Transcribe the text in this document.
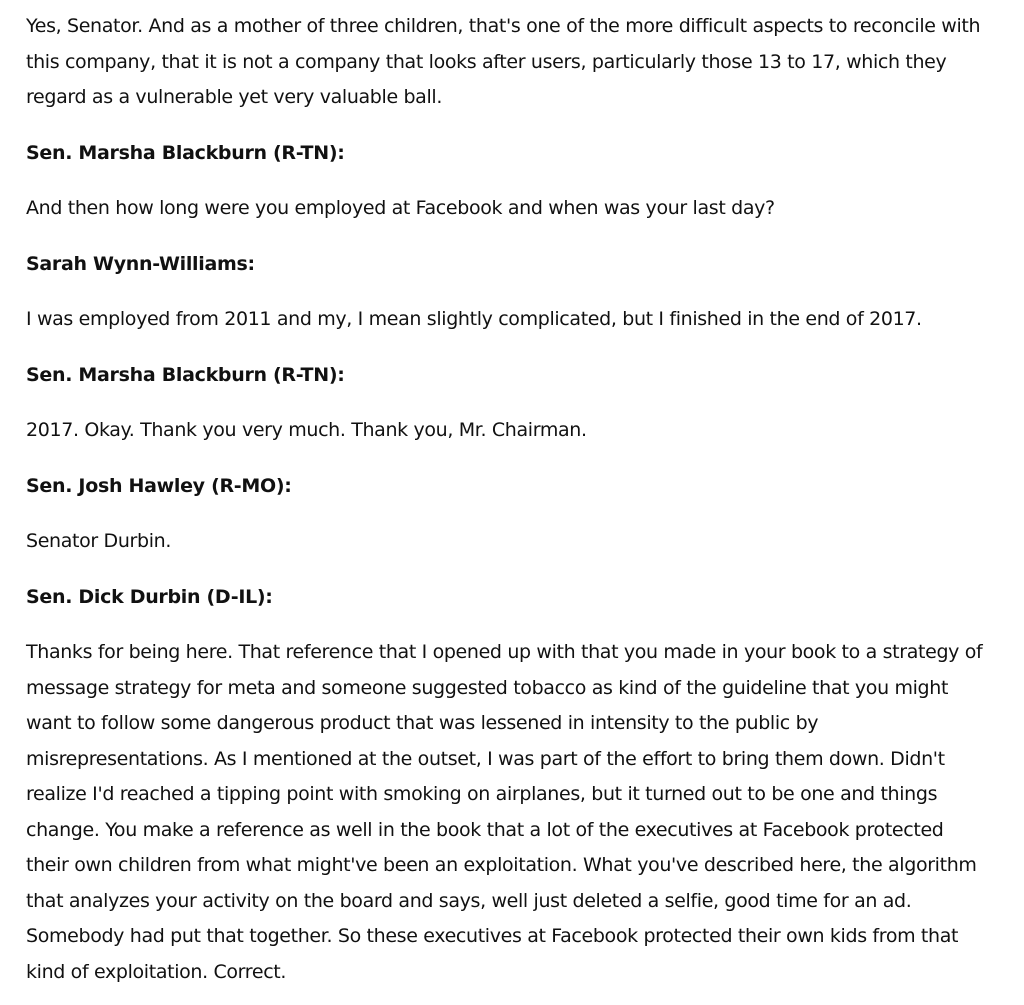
Yes, Senator. And as a mother of three children, that's one of the more difficult aspects to reconcile with this company, that it is not a company that looks after users, particularly those 13 to 17, which they regard as a vulnerable yet very valuable ball.

Sen. Marsha Blackburn (R-TN):

And then how long were you employed at Facebook and when was your last day?

Sarah Wynn-Williams:

I was employed from 2011 and my, I mean slightly complicated, but I finished in the end of 2017.

Sen. Marsha Blackburn (R-TN):

2017. Okay. Thank you very much. Thank you, Mr. Chairman.

Sen. Josh Hawley (R-MO):

Senator Durbin.

Sen. Dick Durbin (D-IL):

Thanks for being here. That reference that I opened up with that you made in your book to a strategy of message strategy for meta and someone suggested tobacco as kind of the guideline that you might want to follow some dangerous product that was lessened in intensity to the public by misrepresentations. As I mentioned at the outset, I was part of the effort to bring them down. Didn't realize I'd reached a tipping point with smoking on airplanes, but it turned out to be one and things change. You make a reference as well in the book that a lot of the executives at Facebook protected their own children from what might've been an exploitation. What you've described here, the algorithm that analyzes your activity on the board and says, well just deleted a selfie, good time for an ad. Somebody had put that together. So these executives at Facebook protected their own kids from that kind of exploitation. Correct.
